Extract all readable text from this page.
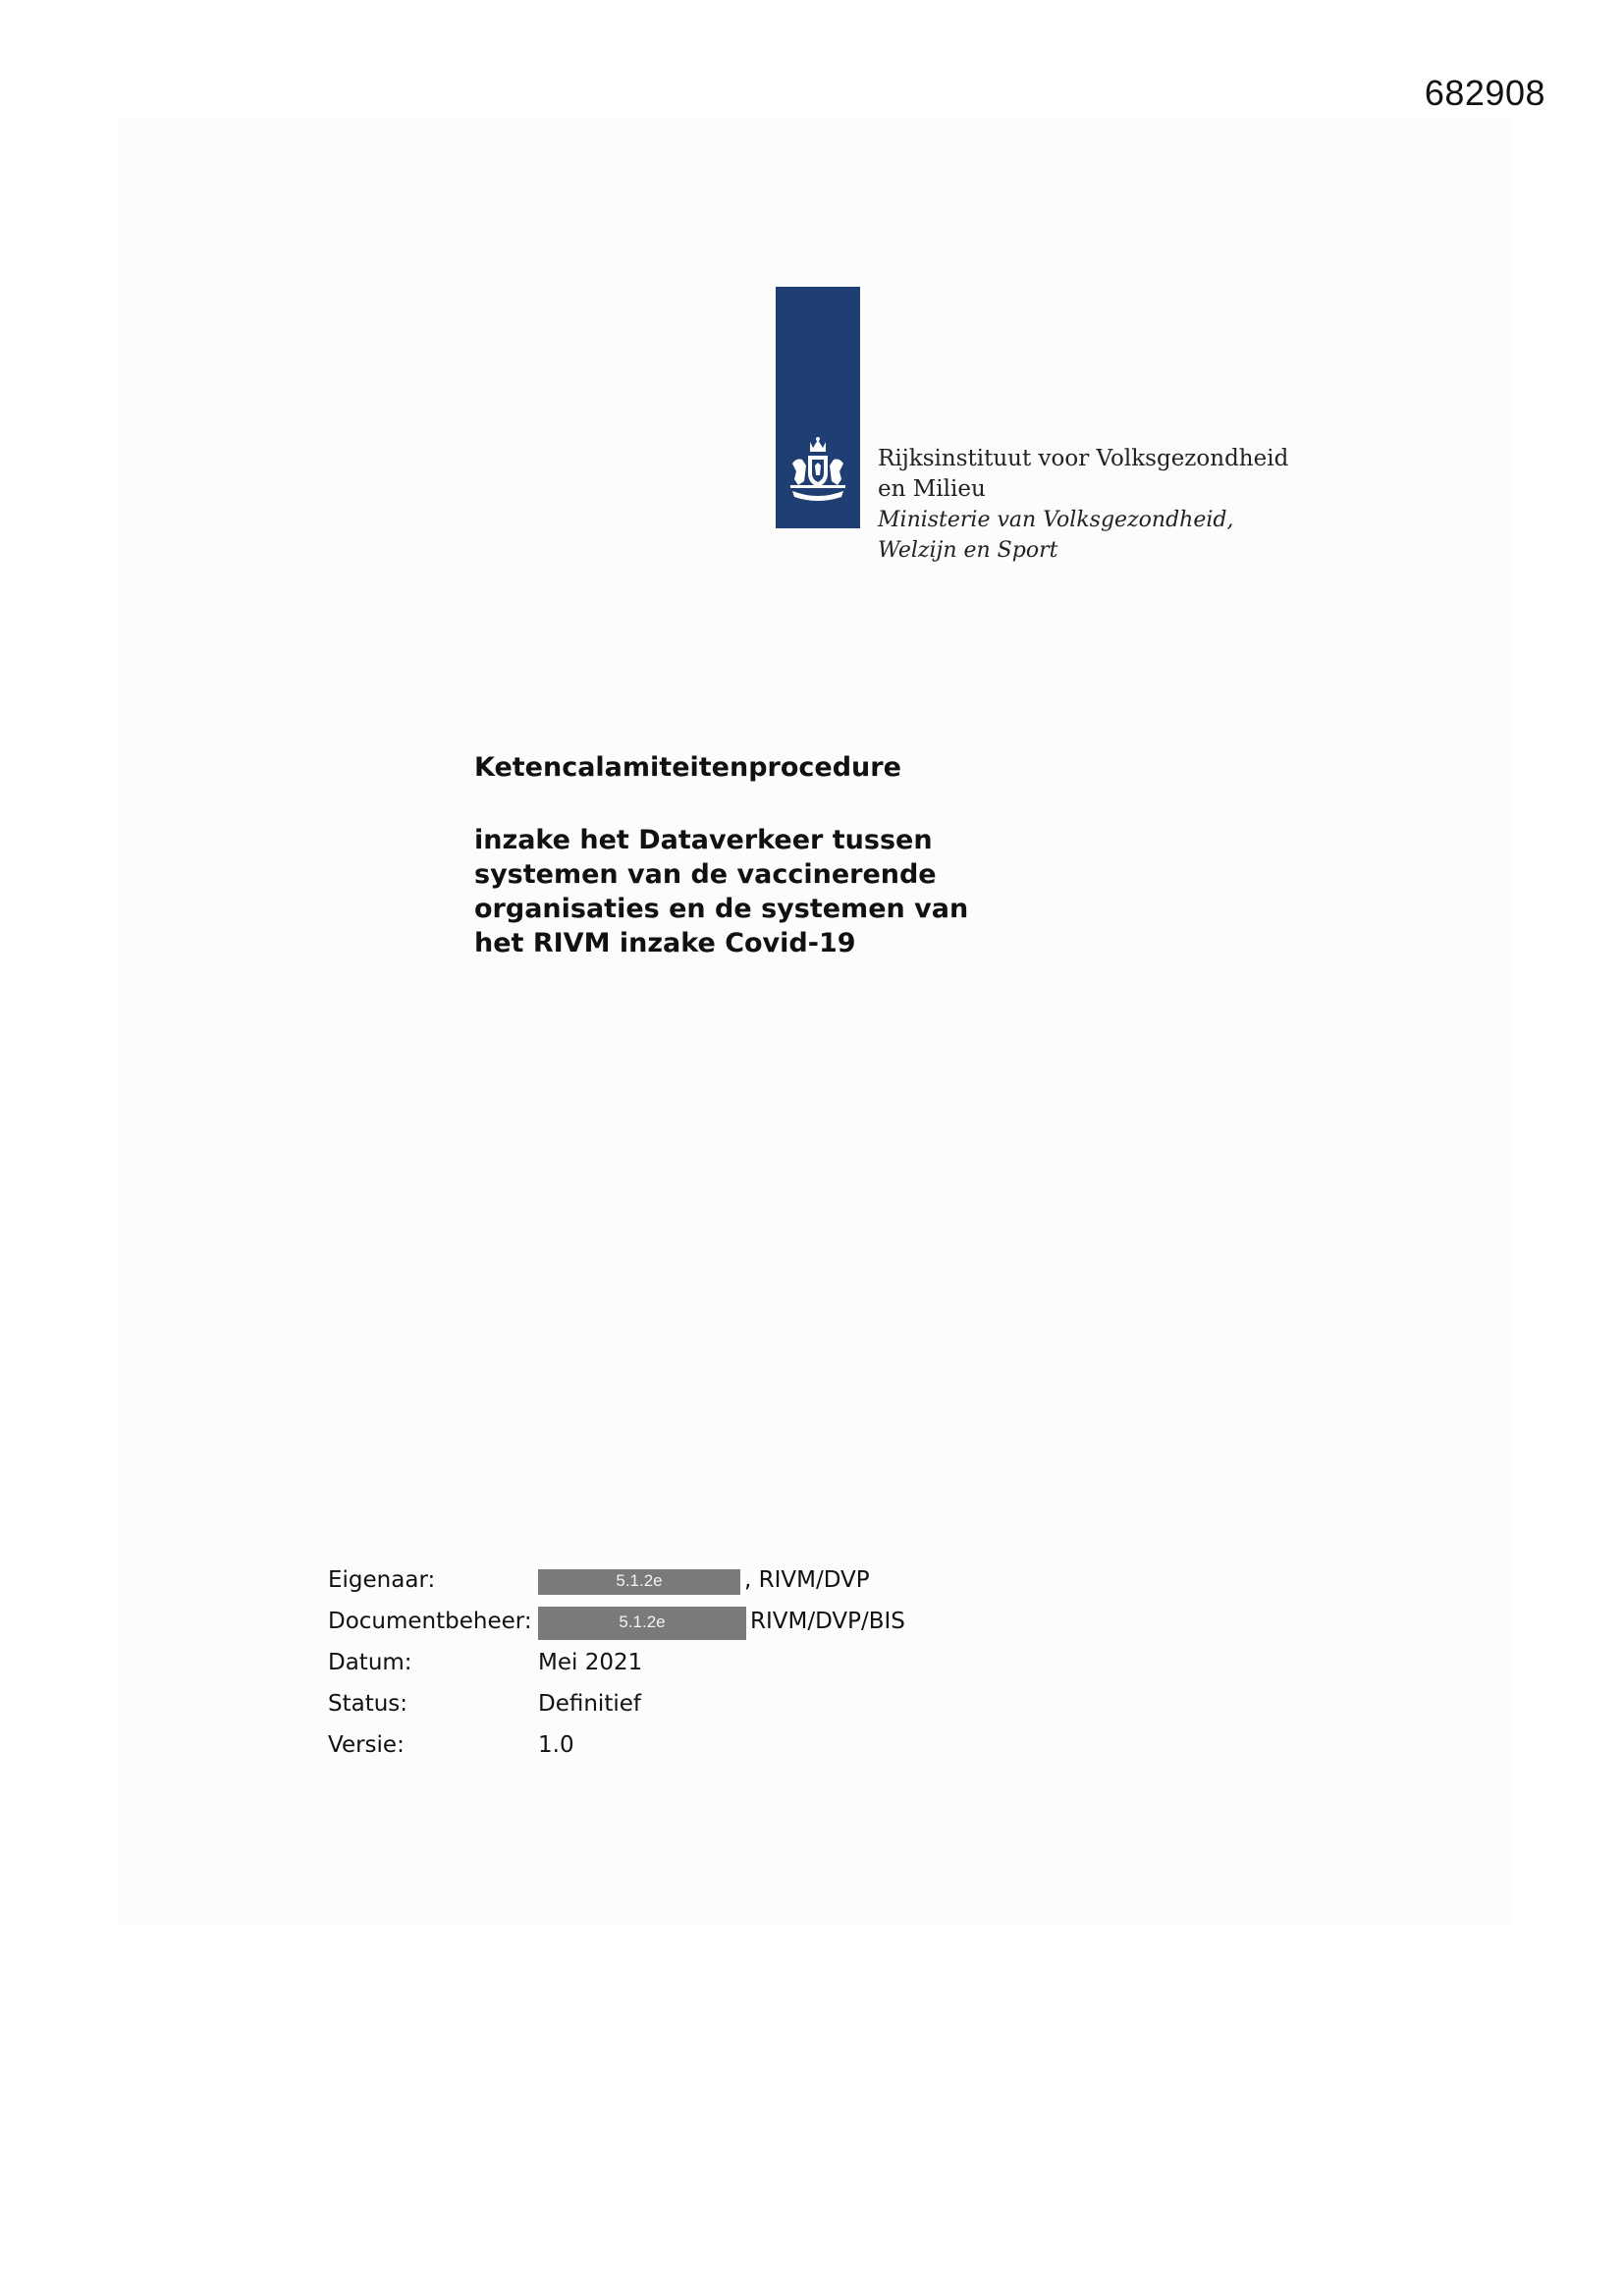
682908
Rijksinstituut voor Volksgezondheid
en Milieu
Ministerie van Volksgezondheid,
Welzijn en Sport
Ketencalamiteitenprocedure
inzake het Dataverkeer tussen
systemen van de vaccinerende
organisaties en de systemen van
het RIVM inzake Covid-19
Eigenaar:	5.1.2e	, RIVM/DVP
Documentbeheer:	5.1.2e	RIVM/DVP/BIS
Datum:	Mei 2021
Status:	Definitief
Versie:	1.0
